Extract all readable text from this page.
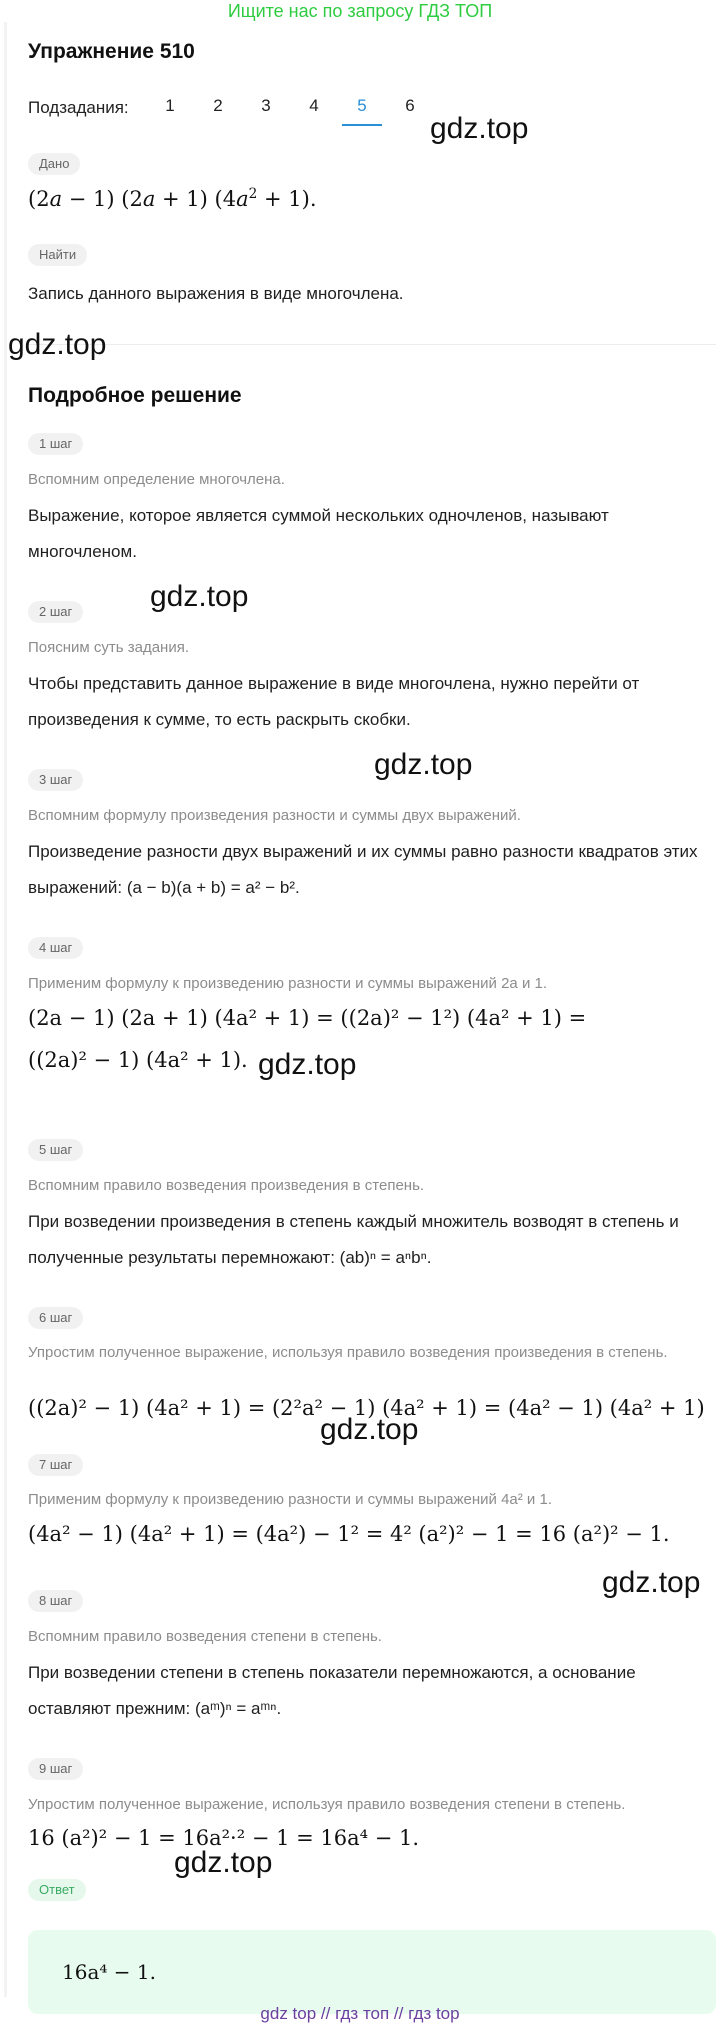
Ищите нас по запросу ГДЗ ТОП
Упражнение 510
Подзадания:	1	2	3	4	5	6
Дано
(2a − 1) (2a + 1) $(4a^2 + 1)$.
Найти
Запись данного выражения в виде многочлена.
Подробное решение
1 шаг
Вспомним определение многочлена.
Выражение, которое является суммой нескольких одночленов, называют многочленом.
2 шаг
Поясним суть задания.
Чтобы представить данное выражение в виде многочлена, нужно перейти от произведения к сумме, то есть раскрыть скобки.
3 шаг
Вспомним формулу произведения разности и суммы двух выражений.
Произведение разности двух выражений и их суммы равно разности квадратов этих выражений: (a − b)(a + b) = a² − b².
4 шаг
Применим формулу к произведению разности и суммы выражений 2a и 1.
(2a − 1) (2a + 1) (4a² + 1) = ((2a)² − 1²) (4a² + 1) =
((2a)² − 1) (4a² + 1).
5 шаг
Вспомним правило возведения произведения в степень.
При возведении произведения в степень каждый множитель возводят в степень и полученные результаты перемножают: (ab)ⁿ = aⁿbⁿ.
6 шаг
Упростим полученное выражение, используя правило возведения произведения в степень.
((2a)² − 1) (4a² + 1) = (2²a² − 1) (4a² + 1) = (4a² − 1) (4a² + 1)
7 шаг
Применим формулу к произведению разности и суммы выражений 4a² и 1.
(4a² − 1) (4a² + 1) = (4a²) − 1² = 4² (a²)² − 1 = 16 (a²)² − 1.
8 шаг
Вспомним правило возведения степени в степень.
При возведении степени в степень показатели перемножаются, а основание оставляют прежним: (aᵐ)ⁿ = aᵐⁿ.
9 шаг
Упростим полученное выражение, используя правило возведения степени в степень.
16 (a²)² − 1 = 16a²·² − 1 = 16a⁴ − 1.
Ответ
16a⁴ − 1.
gdz.top
gdz.top
gdz.top
gdz.top
gdz.top
gdz.top
gdz.top
gdz.top
gdz top // гдз топ // гдз top
